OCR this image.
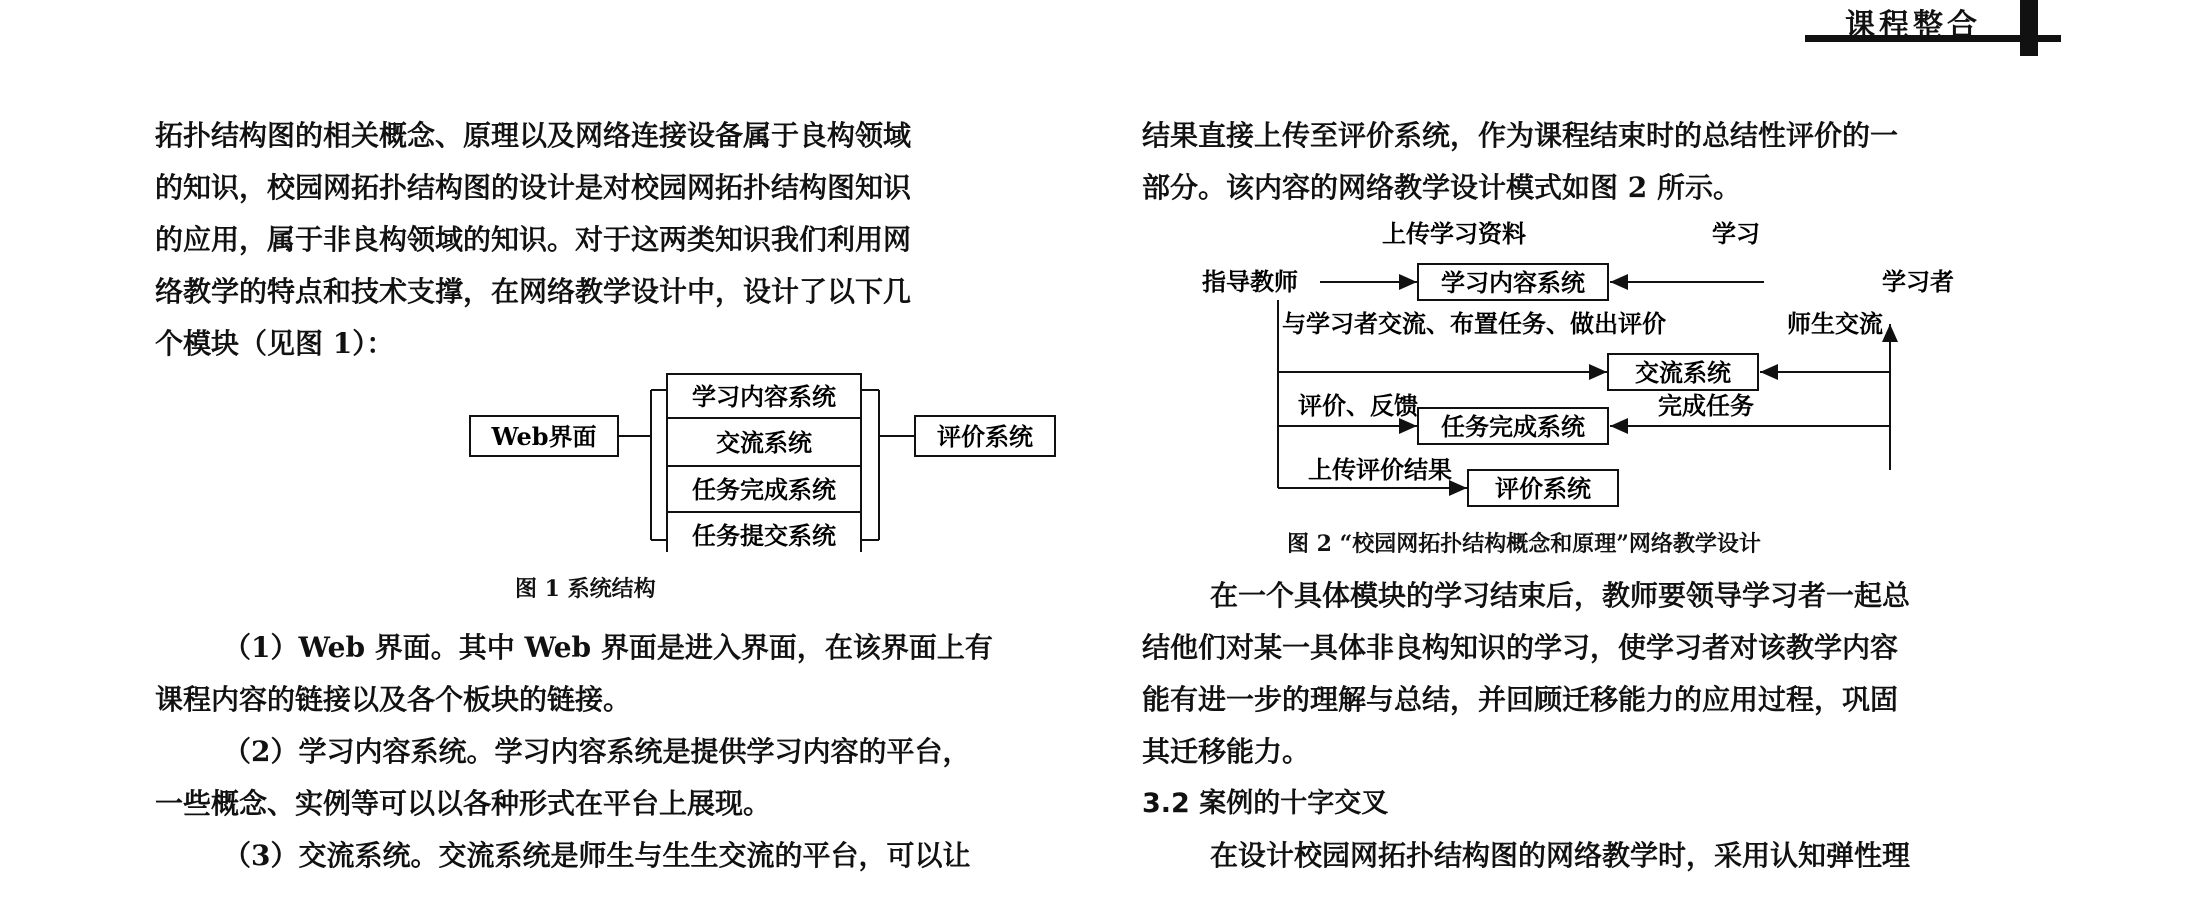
课程整合
拓扑结构图的相关概念、原理以及网络连接设备属于良构领域
的知识，校园网拓扑结构图的设计是对校园网拓扑结构图知识
的应用，属于非良构领域的知识。对于这两类知识我们利用网
络教学的特点和技术支撑，在网络教学设计中，设计了以下几
个模块（见图 1）：
Web界面
学习内容系统
交流系统
任务完成系统
任务提交系统
评价系统
图 1 系统结构
（1）Web 界面。其中 Web 界面是进入界面，在该界面上有
课程内容的链接以及各个板块的链接。
（2）学习内容系统。学习内容系统是提供学习内容的平台，
一些概念、实例等可以以各种形式在平台上展现。
（3）交流系统。交流系统是师生与生生交流的平台，可以让
结果直接上传至评价系统，作为课程结束时的总结性评价的一
部分。该内容的网络教学设计模式如图 2 所示。
上传学习资料	学习
指导教师	学习内容系统	学习者
与学习者交流、布置任务、做出评价	师生交流
交流系统
评价、反馈
任务完成系统
完成任务
上传评价结果
评价系统
图 2 “校园网拓扑结构概念和原理”网络教学设计
在一个具体模块的学习结束后，教师要领导学习者一起总
结他们对某一具体非良构知识的学习，使学习者对该教学内容
能有进一步的理解与总结，并回顾迁移能力的应用过程，巩固
其迁移能力。
3.2 案例的十字交叉
在设计校园网拓扑结构图的网络教学时，采用认知弹性理
